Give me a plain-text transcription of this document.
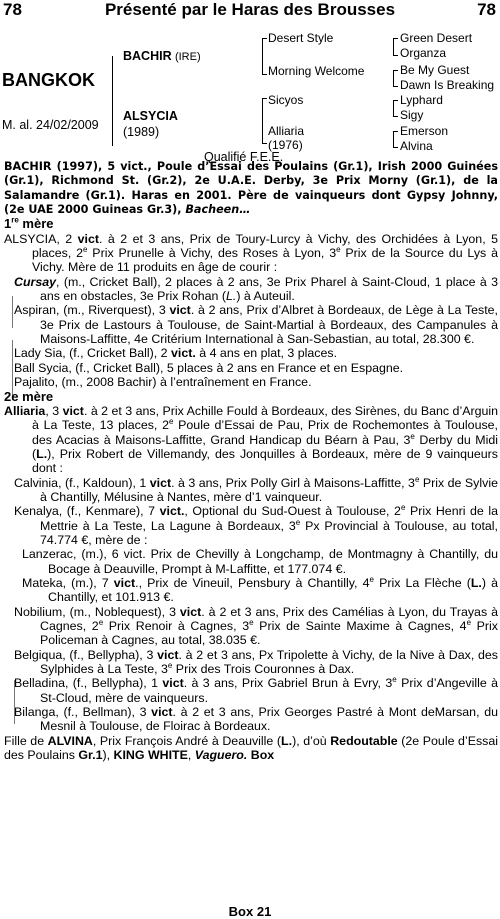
78	Présenté par le Haras des Brousses	78
BANGKOK
M. al. 24/02/2009
BACHIR (IRE)
ALSYCIA
(1989)
Desert Style
Morning Welcome
Sicyos
Alliaria
(1976)
Green Desert
Organza
Be My Guest
Dawn Is Breaking
Lyphard
Sigy
Emerson
Alvina
Qualifié F.E.E.

BACHIR (1997), 5 vict., Poule d’Essai des Poulains (Gr.1), Irish 2000 Guinées (Gr.1), Richmond St. (Gr.2), 2e U.A.E. Derby, 3e Prix Morny (Gr.1), de la Salamandre (Gr.1). Haras en 2001. Père de vainqueurs dont Gypsy Johnny, (2e UAE 2000 Guineas Gr.3), Bacheen…

1re mère

ALSYCIA, 2 vict. à 2 et 3 ans, Prix de Toury-Lurcy à Vichy, des Orchidées à Lyon, 5 places, 2e Prix Prunelle à Vichy, des Roses à Lyon, 3e Prix de la Source du Lys à Vichy. Mère de 11 produits en âge de courir :

Cursay, (m., Cricket Ball), 2 places à 2 ans, 3e Prix Pharel à Saint-Cloud, 1 place à 3 ans en obstacles, 3e Prix Rohan (L.) à Auteuil.

Aspiran, (m., Riverquest), 3 vict. à 2 ans, Prix d’Albret à Bordeaux, de Lège à La Teste, 3e Prix de Lastours à Toulouse, de Saint-Martial à Bordeaux, des Campanules à Maisons-Laffitte, 4e Critérium International à San-Sebastian, au total, 28.300 €.

Lady Sia, (f., Cricket Ball), 2 vict. à 4 ans en plat, 3 places.

Ball Sycia, (f., Cricket Ball), 5 places à 2 ans en France et en Espagne.

Pajalito, (m., 2008 Bachir) à l’entraînement en France.

2e mère

Alliaria, 3 vict. à 2 et 3 ans, Prix Achille Fould à Bordeaux, des Sirènes, du Banc d’Arguin à La Teste, 13 places, 2e Poule d’Essai de Pau, Prix de Rochemontes à Toulouse, des Acacias à Maisons-Laffitte, Grand Handicap du Béarn à Pau, 3e Derby du Midi (L.), Prix Robert de Villemandy, des Jonquilles à Bordeaux, mère de 9 vainqueurs dont :

Calvinia, (f., Kaldoun), 1 vict. à 3 ans, Prix Polly Girl à Maisons-Laffitte, 3e Prix de Sylvie à Chantilly, Mélusine à Nantes, mère d’1 vainqueur.

Kenalya, (f., Kenmare), 7 vict., Optional du Sud-Ouest à Toulouse, 2e Prix Henri de la Mettrie à La Teste, La Lagune à Bordeaux, 3e Px Provincial à Toulouse, au total, 74.774 €, mère de :

Lanzerac, (m.), 6 vict. Prix de Chevilly à Longchamp, de Montmagny à Chantilly, du Bocage à Deauville, Prompt à M-Laffitte, et 177.074 €.

Mateka, (m.), 7 vict., Prix de Vineuil, Pensbury à Chantilly, 4e Prix La Flèche (L.) à Chantilly, et 101.913 €.

Nobilium, (m., Noblequest), 3 vict. à 2 et 3 ans, Prix des Camélias à Lyon, du Trayas à Cagnes, 2e Prix Renoir à Cagnes, 3e Prix de Sainte Maxime à Cagnes, 4e Prix Policeman à Cagnes, au total, 38.035 €.

Belgiqua, (f., Bellypha), 3 vict. à 2 et 3 ans, Px Tripolette à Vichy, de la Nive à Dax, des Sylphides à La Teste, 3e Prix des Trois Couronnes à Dax.

Belladina, (f., Bellypha), 1 vict. à 3 ans, Prix Gabriel Brun à Evry, 3e Prix d’Angeville à St-Cloud, mère de vainqueurs.

Bilanga, (f., Bellman), 3 vict. à 2 et 3 ans, Prix Georges Pastré à Mont deMarsan, du Mesnil à Toulouse, de Floirac à Bordeaux.

Fille de ALVINA, Prix François André à Deauville (L.), d’où Redoutable (2e Poule d’Essai des Poulains Gr.1), KING WHITE, Vaguero. Box

Box 21
